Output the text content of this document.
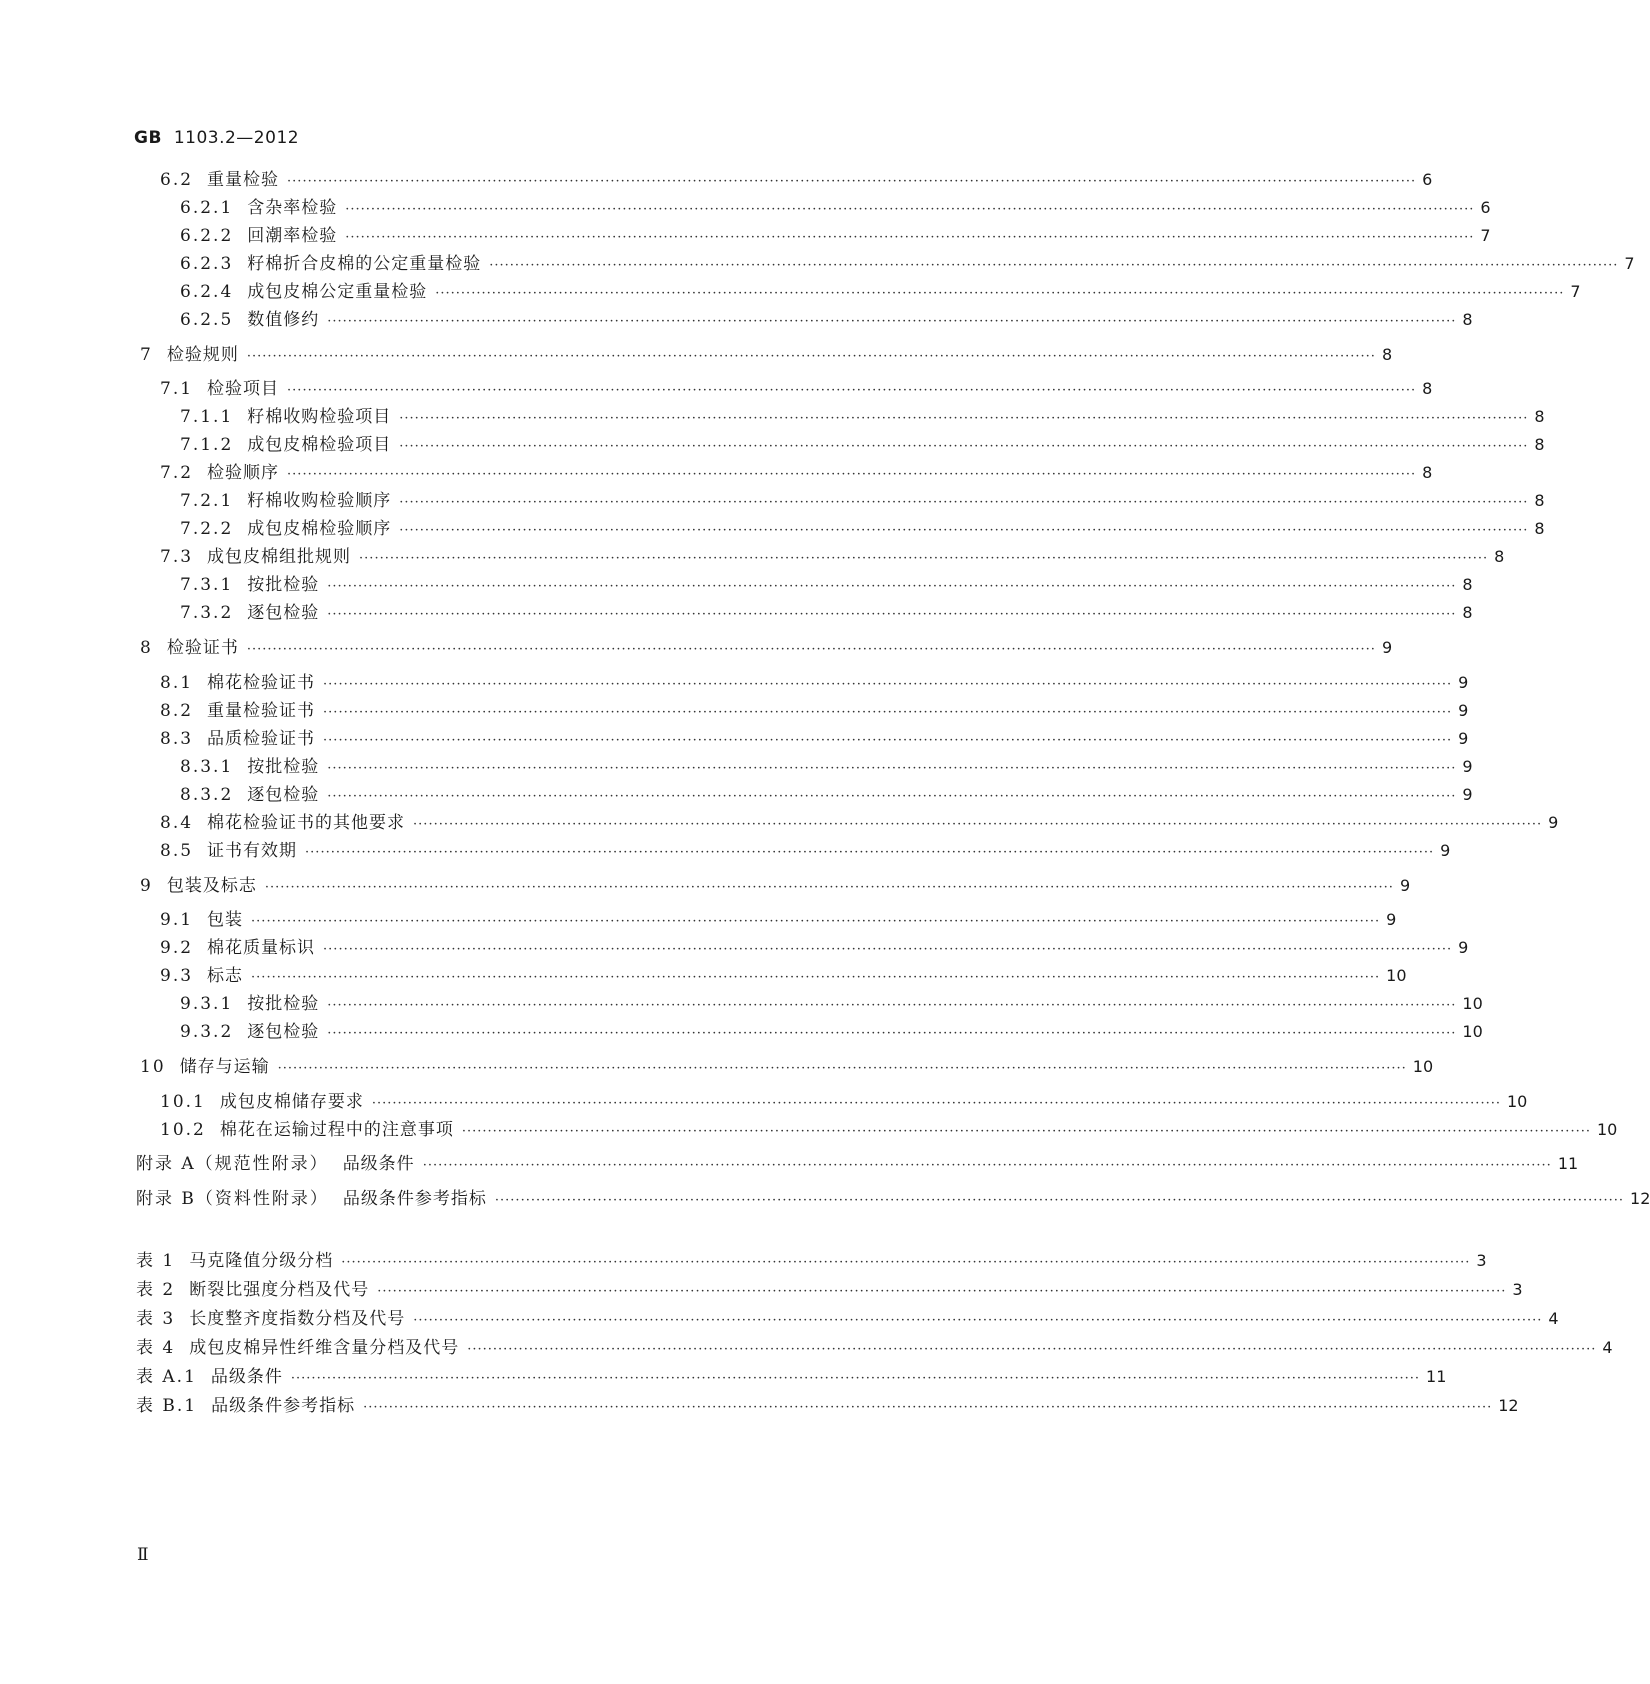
GB 1103.2—2012
6.2 重量检验 ···························································································································································································································· 6
6.2.1 含杂率检验 ···························································································································································································································· 6
6.2.2 回潮率检验 ···························································································································································································································· 7
6.2.3 籽棉折合皮棉的公定重量检验 ···························································································································································································································· 7
6.2.4 成包皮棉公定重量检验 ···························································································································································································································· 7
6.2.5 数值修约 ···························································································································································································································· 8
7 检验规则 ···························································································································································································································· 8
7.1 检验项目 ···························································································································································································································· 8
7.1.1 籽棉收购检验项目 ···························································································································································································································· 8
7.1.2 成包皮棉检验项目 ···························································································································································································································· 8
7.2 检验顺序 ···························································································································································································································· 8
7.2.1 籽棉收购检验顺序 ···························································································································································································································· 8
7.2.2 成包皮棉检验顺序 ···························································································································································································································· 8
7.3 成包皮棉组批规则 ···························································································································································································································· 8
7.3.1 按批检验 ···························································································································································································································· 8
7.3.2 逐包检验 ···························································································································································································································· 8
8 检验证书 ···························································································································································································································· 9
8.1 棉花检验证书 ···························································································································································································································· 9
8.2 重量检验证书 ···························································································································································································································· 9
8.3 品质检验证书 ···························································································································································································································· 9
8.3.1 按批检验 ···························································································································································································································· 9
8.3.2 逐包检验 ···························································································································································································································· 9
8.4 棉花检验证书的其他要求 ···························································································································································································································· 9
8.5 证书有效期 ···························································································································································································································· 9
9 包装及标志 ···························································································································································································································· 9
9.1 包装 ···························································································································································································································· 9
9.2 棉花质量标识 ···························································································································································································································· 9
9.3 标志 ···························································································································································································································· 10
9.3.1 按批检验 ···························································································································································································································· 10
9.3.2 逐包检验 ···························································································································································································································· 10
10 储存与运输 ···························································································································································································································· 10
10.1 成包皮棉储存要求 ···························································································································································································································· 10
10.2 棉花在运输过程中的注意事项 ···························································································································································································································· 10
附录 A（规范性附录） 品级条件 ···························································································································································································································· 11
附录 B（资料性附录） 品级条件参考指标 ···························································································································································································································· 12
表 1 马克隆值分级分档 ···························································································································································································································· 3
表 2 断裂比强度分档及代号 ···························································································································································································································· 3
表 3 长度整齐度指数分档及代号 ···························································································································································································································· 4
表 4 成包皮棉异性纤维含量分档及代号 ···························································································································································································································· 4
表 A.1 品级条件 ···························································································································································································································· 11
表 B.1 品级条件参考指标 ···························································································································································································································· 12
Ⅱ
